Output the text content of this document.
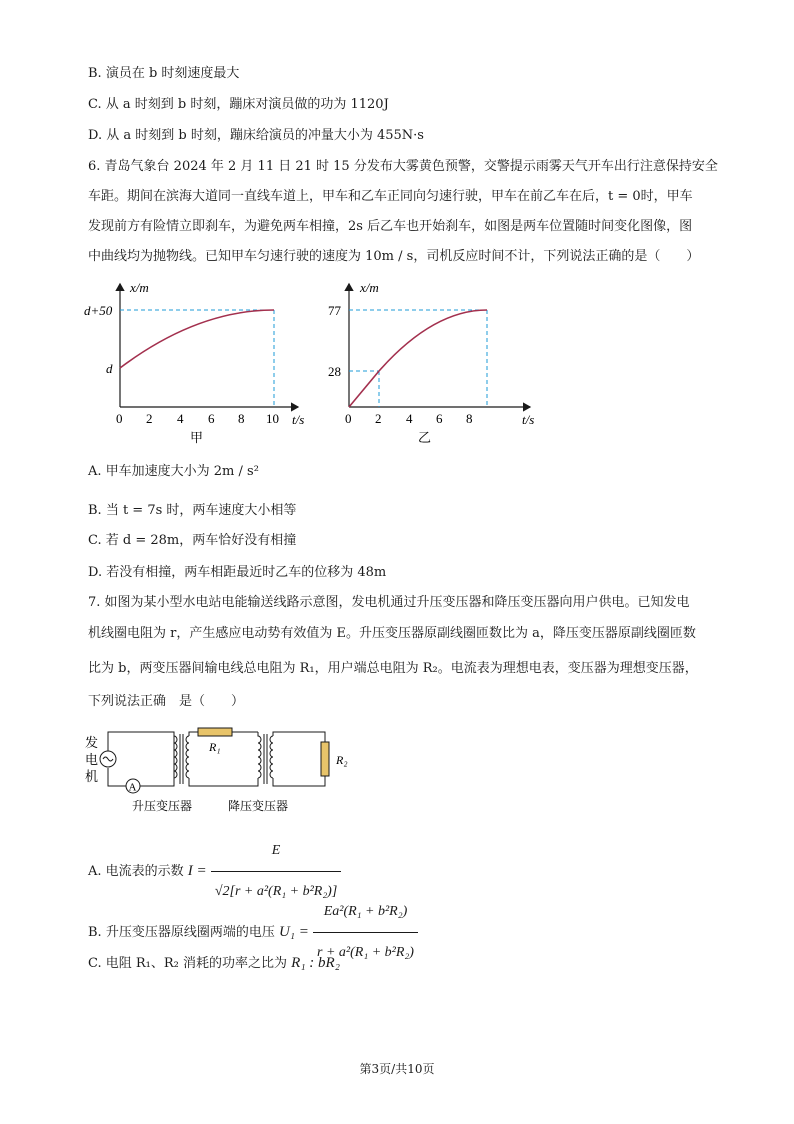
B. 演员在 b 时刻速度最大
C. 从 a 时刻到 b 时刻，蹦床对演员做的功为 1120J
D. 从 a 时刻到 b 时刻，蹦床给演员的冲量大小为 455N·s
6. 青岛气象台 2024 年 2 月 11 日 21 时 15 分发布大雾黄色预警，交警提示雨雾天气开车出行注意保持安全
车距。期间在滨海大道同一直线车道上，甲车和乙车正同向匀速行驶，甲车在前乙车在后，t = 0时，甲车
发现前方有险情立即刹车，为避免两车相撞，2s 后乙车也开始刹车，如图是两车位置随时间变化图像，图
中曲线均为抛物线。已知甲车匀速行驶的速度为 10m / s，司机反应时间不计，下列说法正确的是（　　）
x/m
t/s
d+50
d
0 2 4 6 8 10
甲
x/m
t/s
77
28
0 2 4 6 8
乙
A. 甲车加速度大小为 2m / s²
B. 当 t = 7s 时，两车速度大小相等
C. 若 d = 28m，两车恰好没有相撞
D. 若没有相撞，两车相距最近时乙车的位移为 48m
7. 如图为某小型水电站电能输送线路示意图，发电机通过升压变压器和降压变压器向用户供电。已知发电
机线圈电阻为 r，产生感应电动势有效值为 E。升压变压器原副线圈匝数比为 a，降压变压器原副线圈匝数
比为 b，两变压器间输电线总电阻为 R₁，用户端总电阻为 R₂。电流表为理想电表，变压器为理想变压器，
下列说法正确　是（　　）
发
电
机
A
R₁
R₂
升压变压器	降压变压器
A. 电流表的示数 $I = \frac{E}{\text{√2[r + a²(R₁ + b²R₂)]}}$
B. 升压变压器原线圈两端的电压 $U_1 = \frac{\text{Ea²(R₁ + b²R₂)}}{\text{r + a²(R₁ + b²R₂)}}$
C. 电阻 R₁、R₂ 消耗的功率之比为 R₁ : bR₂
第3页/共10页
